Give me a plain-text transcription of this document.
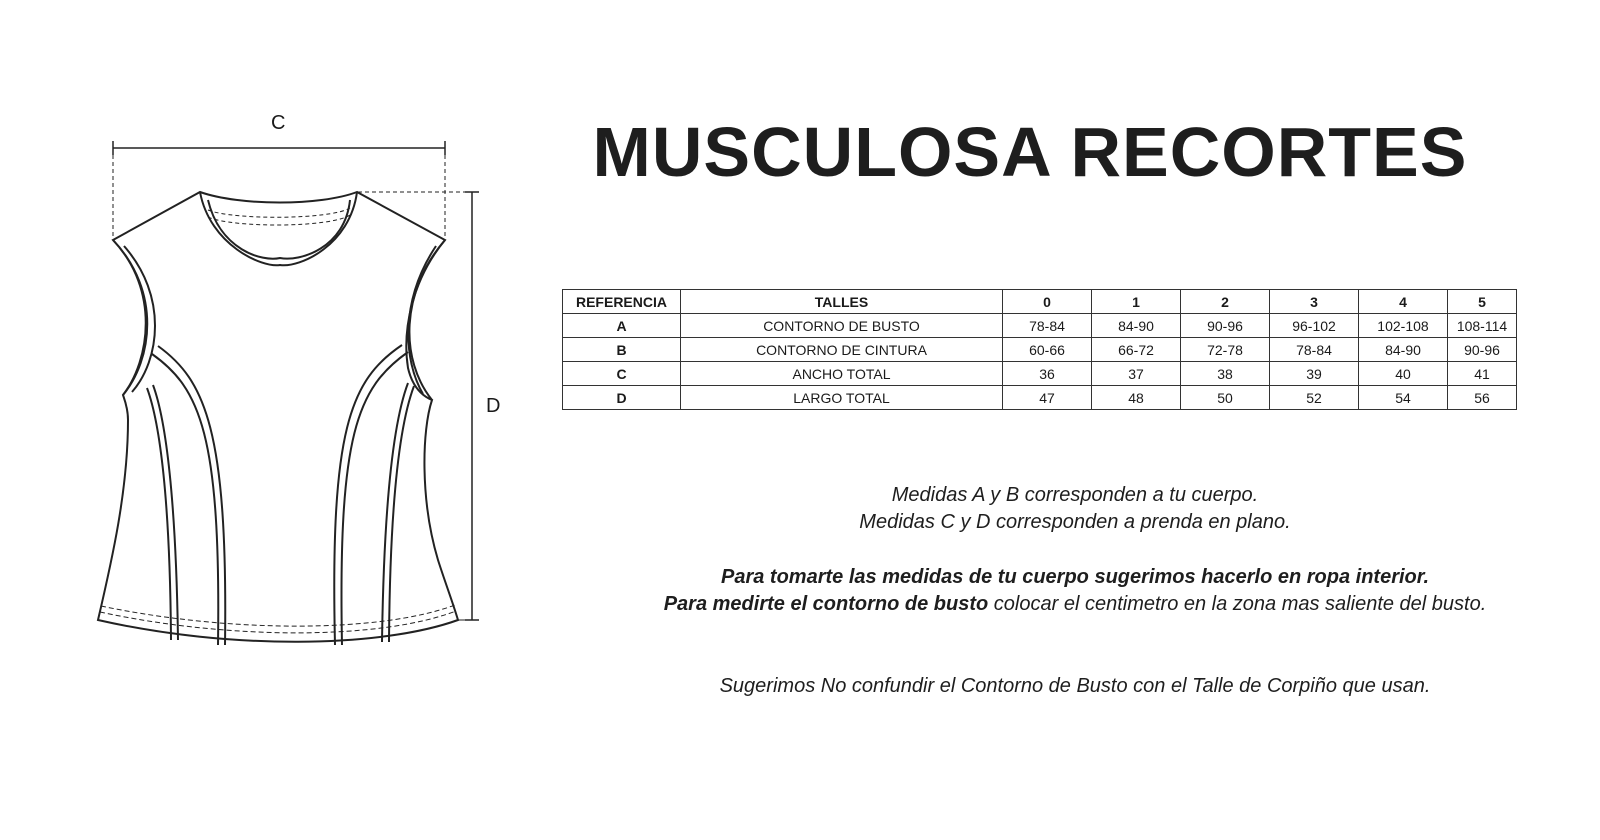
C
D
MUSCULOSA RECORTES
REFERENCIA	TALLES	0	1	2	3	4	5
A	CONTORNO DE BUSTO	78-84	84-90	90-96	96-102	102-108	108-114
B	CONTORNO DE CINTURA	60-66	66-72	72-78	78-84	84-90	90-96
C	ANCHO TOTAL	36	37	38	39	40	41
D	LARGO TOTAL	47	48	50	52	54	56

Medidas A y B corresponden a tu cuerpo.

Medidas C y D corresponden a prenda en plano.

Para tomarte las medidas de tu cuerpo sugerimos hacerlo en ropa interior.

Para medirte el contorno de busto colocar el centimetro en la zona mas saliente del busto.

Sugerimos No confundir el Contorno de Busto con el Talle de Corpiño que usan.
